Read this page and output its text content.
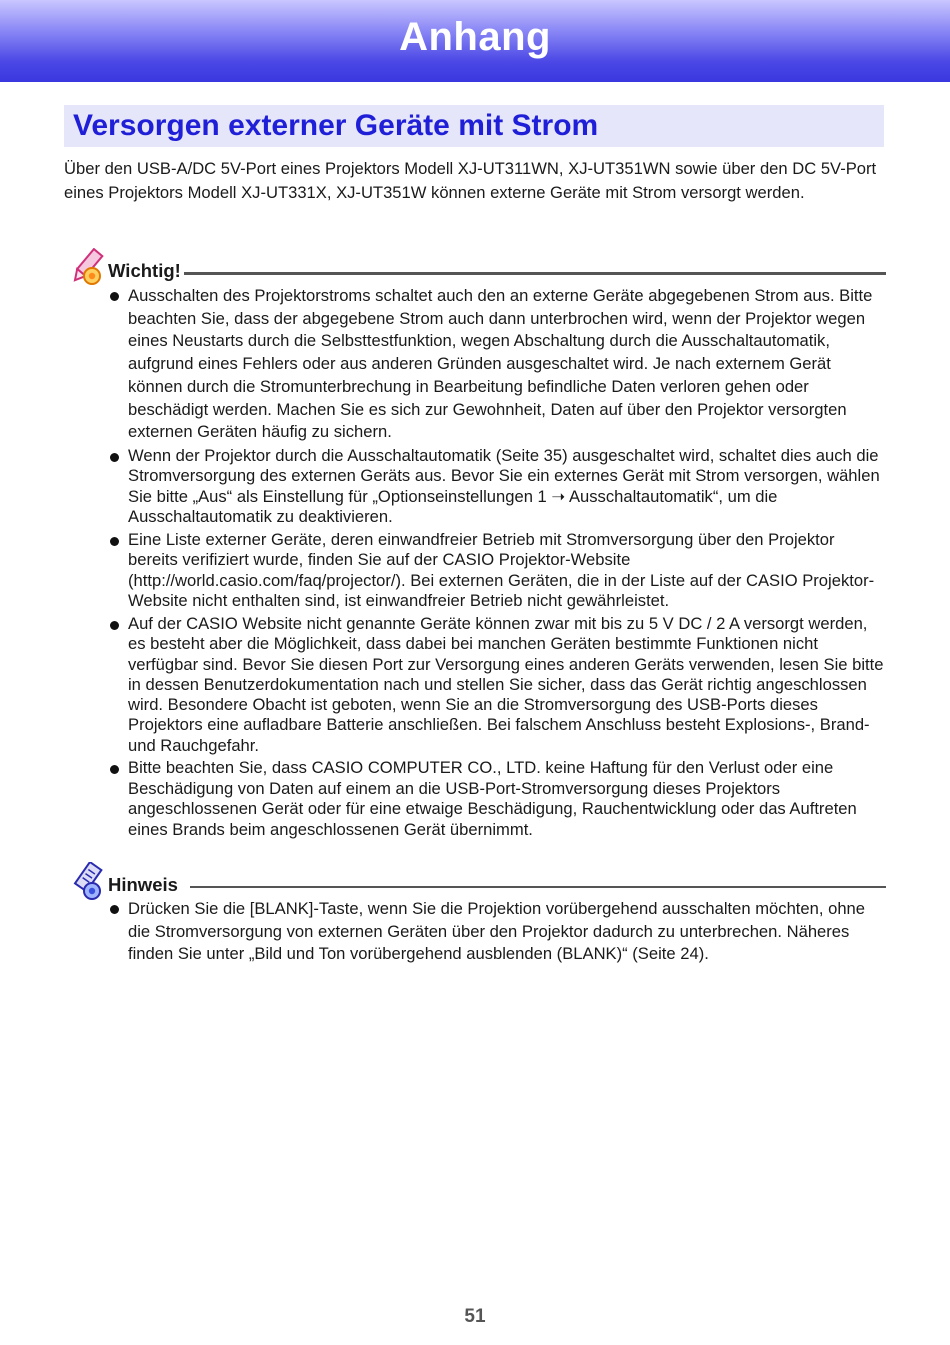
Anhang
Versorgen externer Geräte mit Strom

Über den USB-A/DC 5V-Port eines Projektors Modell XJ-UT311WN, XJ-UT351WN sowie über den DC 5V-Port eines Projektors Modell XJ-UT331X, XJ-UT351W können externe Geräte mit Strom versorgt werden.

Wichtig!
Ausschalten des Projektorstroms schaltet auch den an externe Geräte abgegebenen Strom aus. Bitte beachten Sie, dass der abgegebene Strom auch dann unterbrochen wird, wenn der Projektor wegen eines Neustarts durch die Selbsttestfunktion, wegen Abschaltung durch die Ausschaltautomatik, aufgrund eines Fehlers oder aus anderen Gründen ausgeschaltet wird. Je nach externem Gerät können durch die Stromunterbrechung in Bearbeitung befindliche Daten verloren gehen oder beschädigt werden. Machen Sie es sich zur Gewohnheit, Daten auf über den Projektor versorgten externen Geräten häufig zu sichern.
Wenn der Projektor durch die Ausschaltautomatik (Seite 35) ausgeschaltet wird, schaltet dies auch die Stromversorgung des externen Geräts aus. Bevor Sie ein externes Gerät mit Strom versorgen, wählen Sie bitte „Aus“ als Einstellung für „Optionseinstellungen 1 ➝ Ausschaltautomatik“, um die Ausschaltautomatik zu deaktivieren.
Eine Liste externer Geräte, deren einwandfreier Betrieb mit Stromversorgung über den Projektor bereits verifiziert wurde, finden Sie auf der CASIO Projektor-Website (http://world.casio.com/faq/projector/). Bei externen Geräten, die in der Liste auf der CASIO Projektor-Website nicht enthalten sind, ist einwandfreier Betrieb nicht gewährleistet.
Auf der CASIO Website nicht genannte Geräte können zwar mit bis zu 5 V DC / 2 A versorgt werden, es besteht aber die Möglichkeit, dass dabei bei manchen Geräten bestimmte Funktionen nicht verfügbar sind. Bevor Sie diesen Port zur Versorgung eines anderen Geräts verwenden, lesen Sie bitte in dessen Benutzerdokumentation nach und stellen Sie sicher, dass das Gerät richtig angeschlossen wird. Besondere Obacht ist geboten, wenn Sie an die Stromversorgung des USB-Ports dieses Projektors eine aufladbare Batterie anschließen. Bei falschem Anschluss besteht Explosions-, Brand- und Rauchgefahr.
Bitte beachten Sie, dass CASIO COMPUTER CO., LTD. keine Haftung für den Verlust oder eine Beschädigung von Daten auf einem an die USB-Port-Stromversorgung dieses Projektors angeschlossenen Gerät oder für eine etwaige Beschädigung, Rauchentwicklung oder das Auftreten eines Brands beim angeschlossenen Gerät übernimmt.
Hinweis
Drücken Sie die [BLANK]-Taste, wenn Sie die Projektion vorübergehend ausschalten möchten, ohne die Stromversorgung von externen Geräten über den Projektor dadurch zu unterbrechen. Näheres finden Sie unter „Bild und Ton vorübergehend ausblenden (BLANK)“ (Seite 24).
51
